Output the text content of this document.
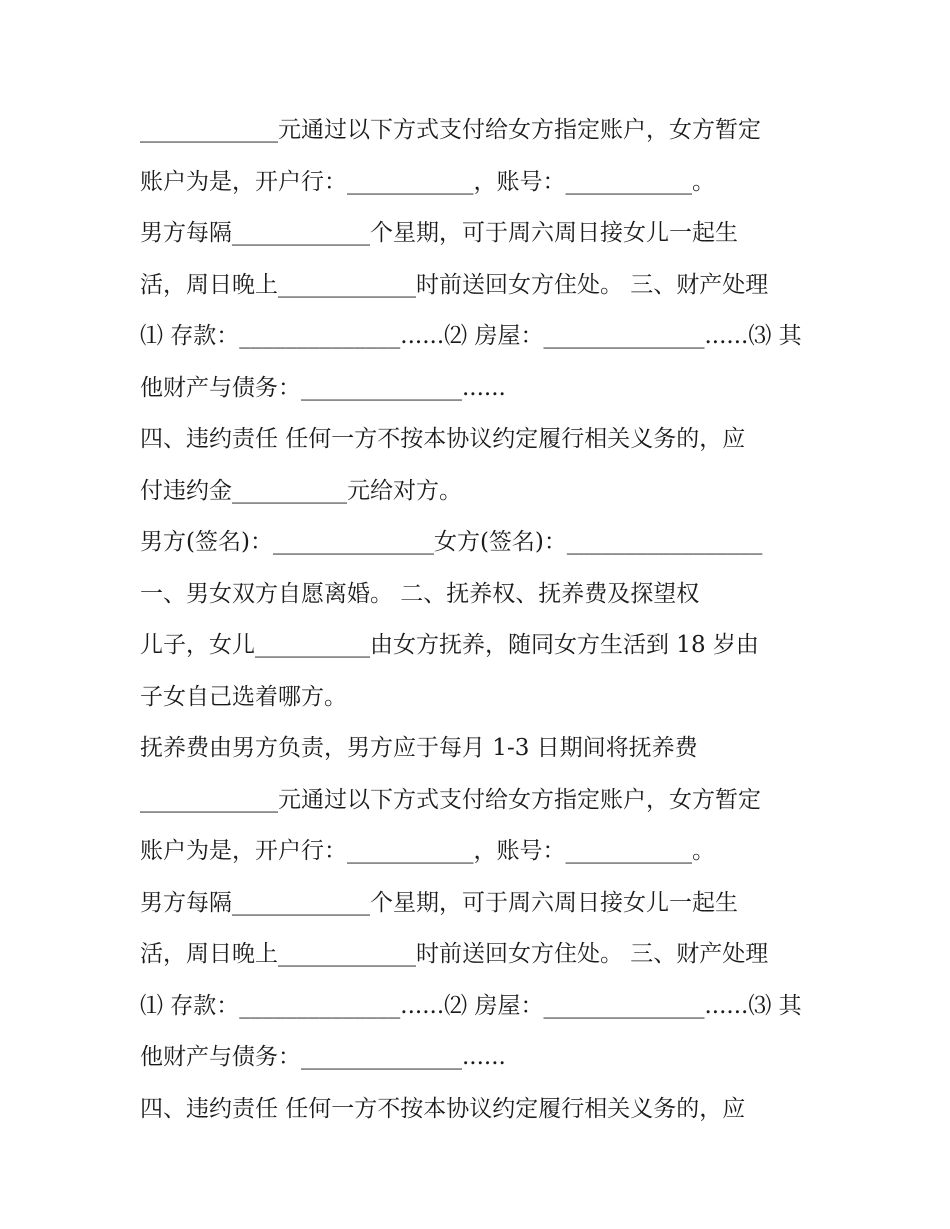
____________元通过以下方式支付给女方指定账户，女方暂定
账户为是，开户行：___________，账号：___________。
男方每隔____________个星期，可于周六周日接女儿一起生
活，周日晚上____________时前送回女方住处。 三、财产处理
⑴ 存款：______________......⑵ 房屋：______________......⑶ 其
他财产与债务：______________......
四、违约责任 任何一方不按本协议约定履行相关义务的，应
付违约金__________元给对方。
男方(签名)：______________女方(签名)：_________________
一、男女双方自愿离婚。 二、抚养权、抚养费及探望权
儿子，女儿__________由女方抚养，随同女方生活到 18 岁由
子女自己选着哪方。
抚养费由男方负责，男方应于每月 1-3 日期间将抚养费
____________元通过以下方式支付给女方指定账户，女方暂定
账户为是，开户行：___________，账号：___________。
男方每隔____________个星期，可于周六周日接女儿一起生
活，周日晚上____________时前送回女方住处。 三、财产处理
⑴ 存款：______________......⑵ 房屋：______________......⑶ 其
他财产与债务：______________......
四、违约责任 任何一方不按本协议约定履行相关义务的，应
